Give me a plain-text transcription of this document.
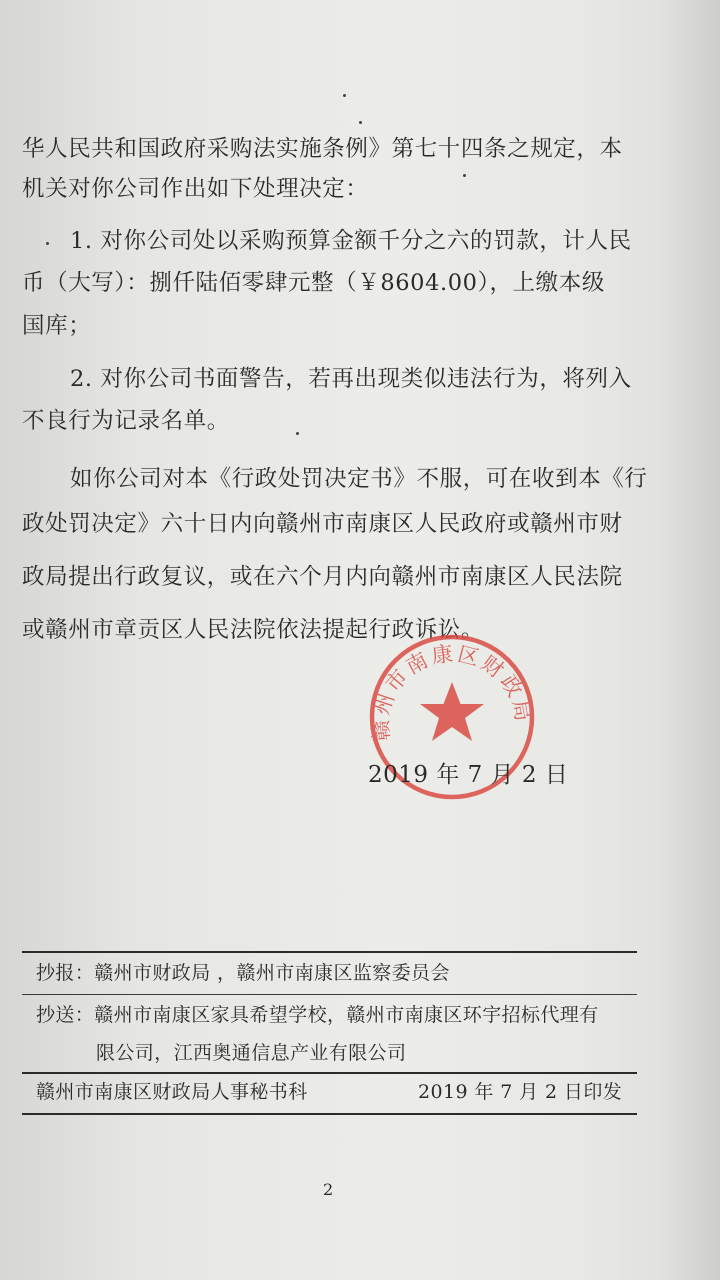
华人民共和国政府采购法实施条例》第七十四条之规定，本
机关对你公司作出如下处理决定：
1. 对你公司处以采购预算金额千分之六的罚款，计人民
币（大写）：捌仟陆佰零肆元整（￥8604.00），上缴本级
国库；
2. 对你公司书面警告，若再出现类似违法行为，将列入
不良行为记录名单。
如你公司对本《行政处罚决定书》不服，可在收到本《行
政处罚决定》六十日内向赣州市南康区人民政府或赣州市财
政局提出行政复议，或在六个月内向赣州市南康区人民法院
或赣州市章贡区人民法院依法提起行政诉讼。
赣州市南康区财政局
2019 年 7 月 2 日
抄报：赣州市财政局 ，赣州市南康区监察委员会
抄送：赣州市南康区家具希望学校，赣州市南康区环宇招标代理有
限公司，江西奥通信息产业有限公司
赣州市南康区财政局人事秘书科	2019 年 7 月 2 日印发
2
